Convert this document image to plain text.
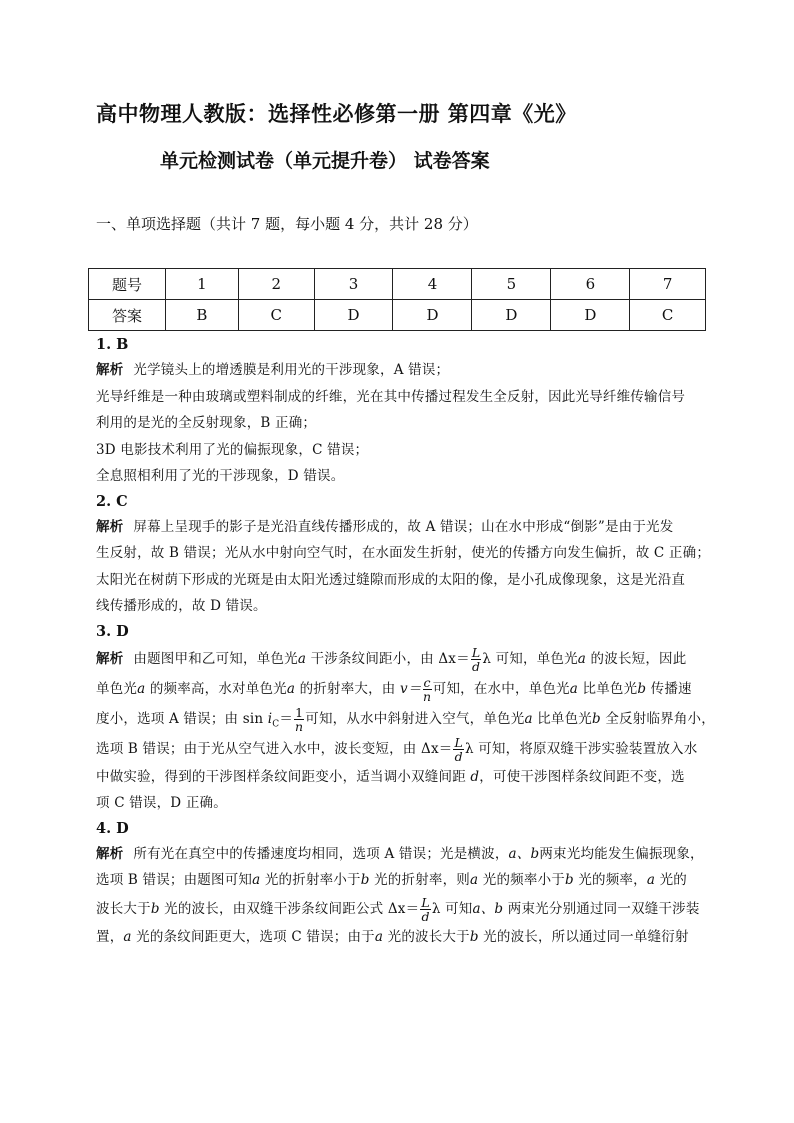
高中物理人教版：选择性必修第一册 第四章《光》
单元检测试卷（单元提升卷） 试卷答案
一、单项选择题（共计 7 题，每小题 4 分，共计 28 分）
题号	1	2	3	4	5	6	7
答案	B	C	D	D	D	D	C
1. B
解析 光学镜头上的增透膜是利用光的干涉现象，A 错误；
光导纤维是一种由玻璃或塑料制成的纤维，光在其中传播过程发生全反射，因此光导纤维传输信号
利用的是光的全反射现象，B 正确；
3D 电影技术利用了光的偏振现象，C 错误；
全息照相利用了光的干涉现象，D 错误。
2. C
解析 屏幕上呈现手的影子是光沿直线传播形成的，故 A 错误；山在水中形成“倒影”是由于光发
生反射，故 B 错误；光从水中射向空气时，在水面发生折射，使光的传播方向发生偏折，故 C 正确；
太阳光在树荫下形成的光斑是由太阳光透过缝隙而形成的太阳的像，是小孔成像现象，这是光沿直
线传播形成的，故 D 错误。
3. D
解析 由题图甲和乙可知，单色光a 干涉条纹间距小，由 $\Delta x= \frac{L}{d}$ λ 可知，单色光a 的波长短，因此
单色光a 的频率高，水对单色光a 的折射率大，由 $v= \frac{c}{n}$ 可知，在水中，单色光a 比单色光b 传播速
度小，选项 A 错误；由 $\sin i_C= \frac{1}{n}$ 可知，从水中斜射进入空气，单色光a 比单色光b 全反射临界角小，
选项 B 错误；由于光从空气进入水中，波长变短，由 $\Delta x= \frac{L}{d}$ λ 可知，将原双缝干涉实验装置放入水
中做实验，得到的干涉图样条纹间距变小，适当调小双缝间距 d，可使干涉图样条纹间距不变，选
项 C 错误，D 正确。
4. D
解析 所有光在真空中的传播速度均相同，选项 A 错误；光是横波，a、b两束光均能发生偏振现象，
选项 B 错误；由题图可知a 光的折射率小于b 光的折射率，则a 光的频率小于b 光的频率，a 光的
波长大于b 光的波长，由双缝干涉条纹间距公式 $\Delta x= \frac{L}{d}$ λ 可知a、b 两束光分别通过同一双缝干涉装
置，a 光的条纹间距更大，选项 C 错误；由于a 光的波长大于b 光的波长，所以通过同一单缝衍射
